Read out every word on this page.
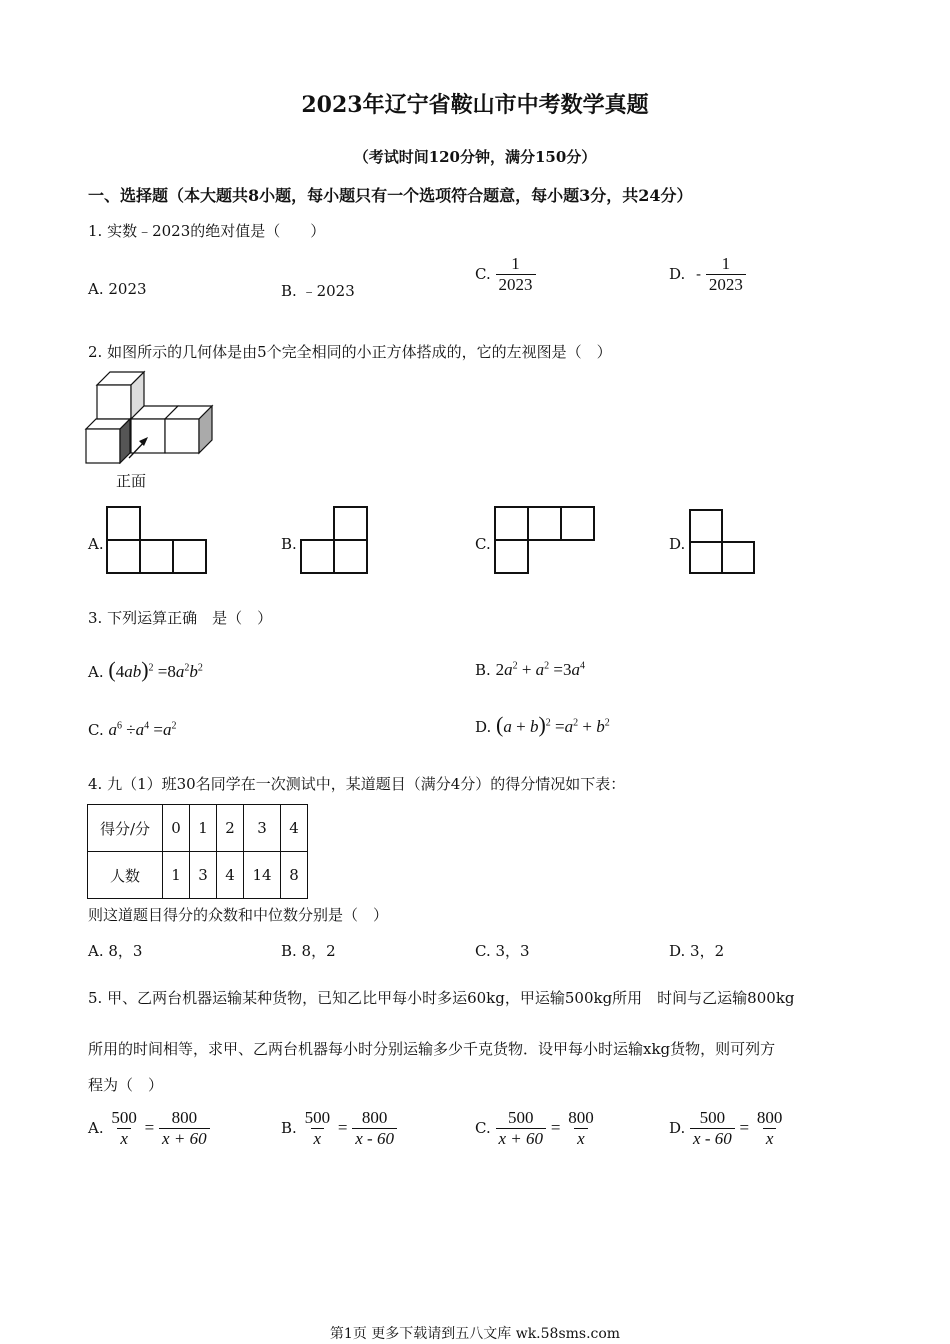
2023年辽宁省鞍山市中考数学真题
（考试时间120分钟，满分150分）
一、选择题（本大题共8小题，每小题只有一个选项符合题意，每小题3分，共24分）
1. 实数﹣2023的绝对值是（　　）
A. 2023	B. ﹣2023
C. $\frac{1}{2023}$	D. - $\frac{1}{2023}$
2. 如图所示的几何体是由5个完全相同的小正方体搭成的，它的左视图是（　）
正面
A.	B.	C.	D.
3. 下列运算正确　是（　）
A. $(4ab)^2 =8a^2b^2$	B. $2a^2 + a^2 =3a^4$
C. $a^6 \div a^4 =a^2$	D. $(a + b)^2 =a^2 + b^2$
4. 九（1）班30名同学在一次测试中，某道题目（满分4分）的得分情况如下表：
得分/分	0	1	2	3	4
人数	1	3	4	14	8
则这道题目得分的众数和中位数分别是（　）
A. 8，3	B. 8，2	C. 3，3	D. 3，2
5. 甲、乙两台机器运输某种货物，已知乙比甲每小时多运60kg，甲运输500kg所用　时间与乙运输800kg
所用的时间相等，求甲、乙两台机器每小时分别运输多少千克货物．设甲每小时运输xkg货物，则可列方
程为（　）
A. $\frac{500}{x} = \frac{800}{x + 60}$	B. $\frac{500}{x} = \frac{800}{x - 60}$	C. $\frac{500}{x + 60} = \frac{800}{x}$	D. $\frac{500}{x - 60} = \frac{800}{x}$
第1页 更多下载请到五八文库 wk.58sms.com
